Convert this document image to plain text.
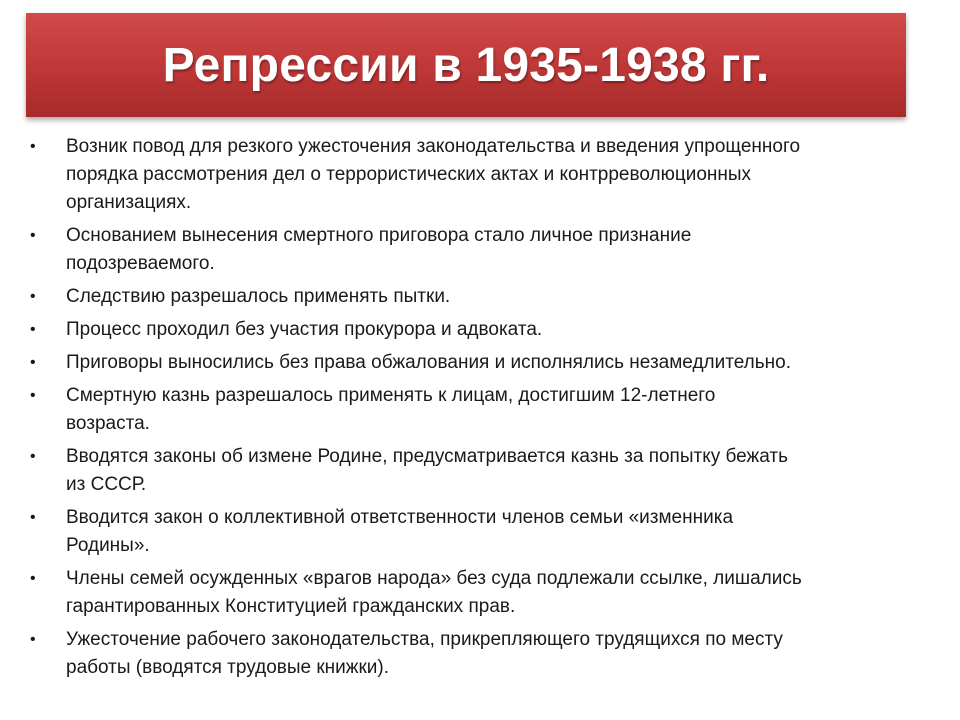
Репрессии в 1935-1938 гг.
•	Возник повод для резкого ужесточения законодательства и введения упрощенного
порядка рассмотрения дел о террористических актах и контрреволюционных
организациях.
•	Основанием вынесения смертного приговора стало личное признание
подозреваемого.
•	Следствию разрешалось применять пытки.
•	Процесс проходил без участия прокурора и адвоката.
•	Приговоры выносились без права обжалования и исполнялись незамедлительно.
•	Смертную казнь разрешалось применять к лицам, достигшим 12-летнего
возраста.
•	Вводятся законы об измене Родине, предусматривается казнь за попытку бежать
из СССР.
•	Вводится закон о коллективной ответственности членов семьи «изменника
Родины».
•	Члены семей осужденных «врагов народа» без суда подлежали ссылке, лишались
гарантированных Конституцией гражданских прав.
•	Ужесточение рабочего законодательства, прикрепляющего трудящихся по месту
работы (вводятся трудовые книжки).
